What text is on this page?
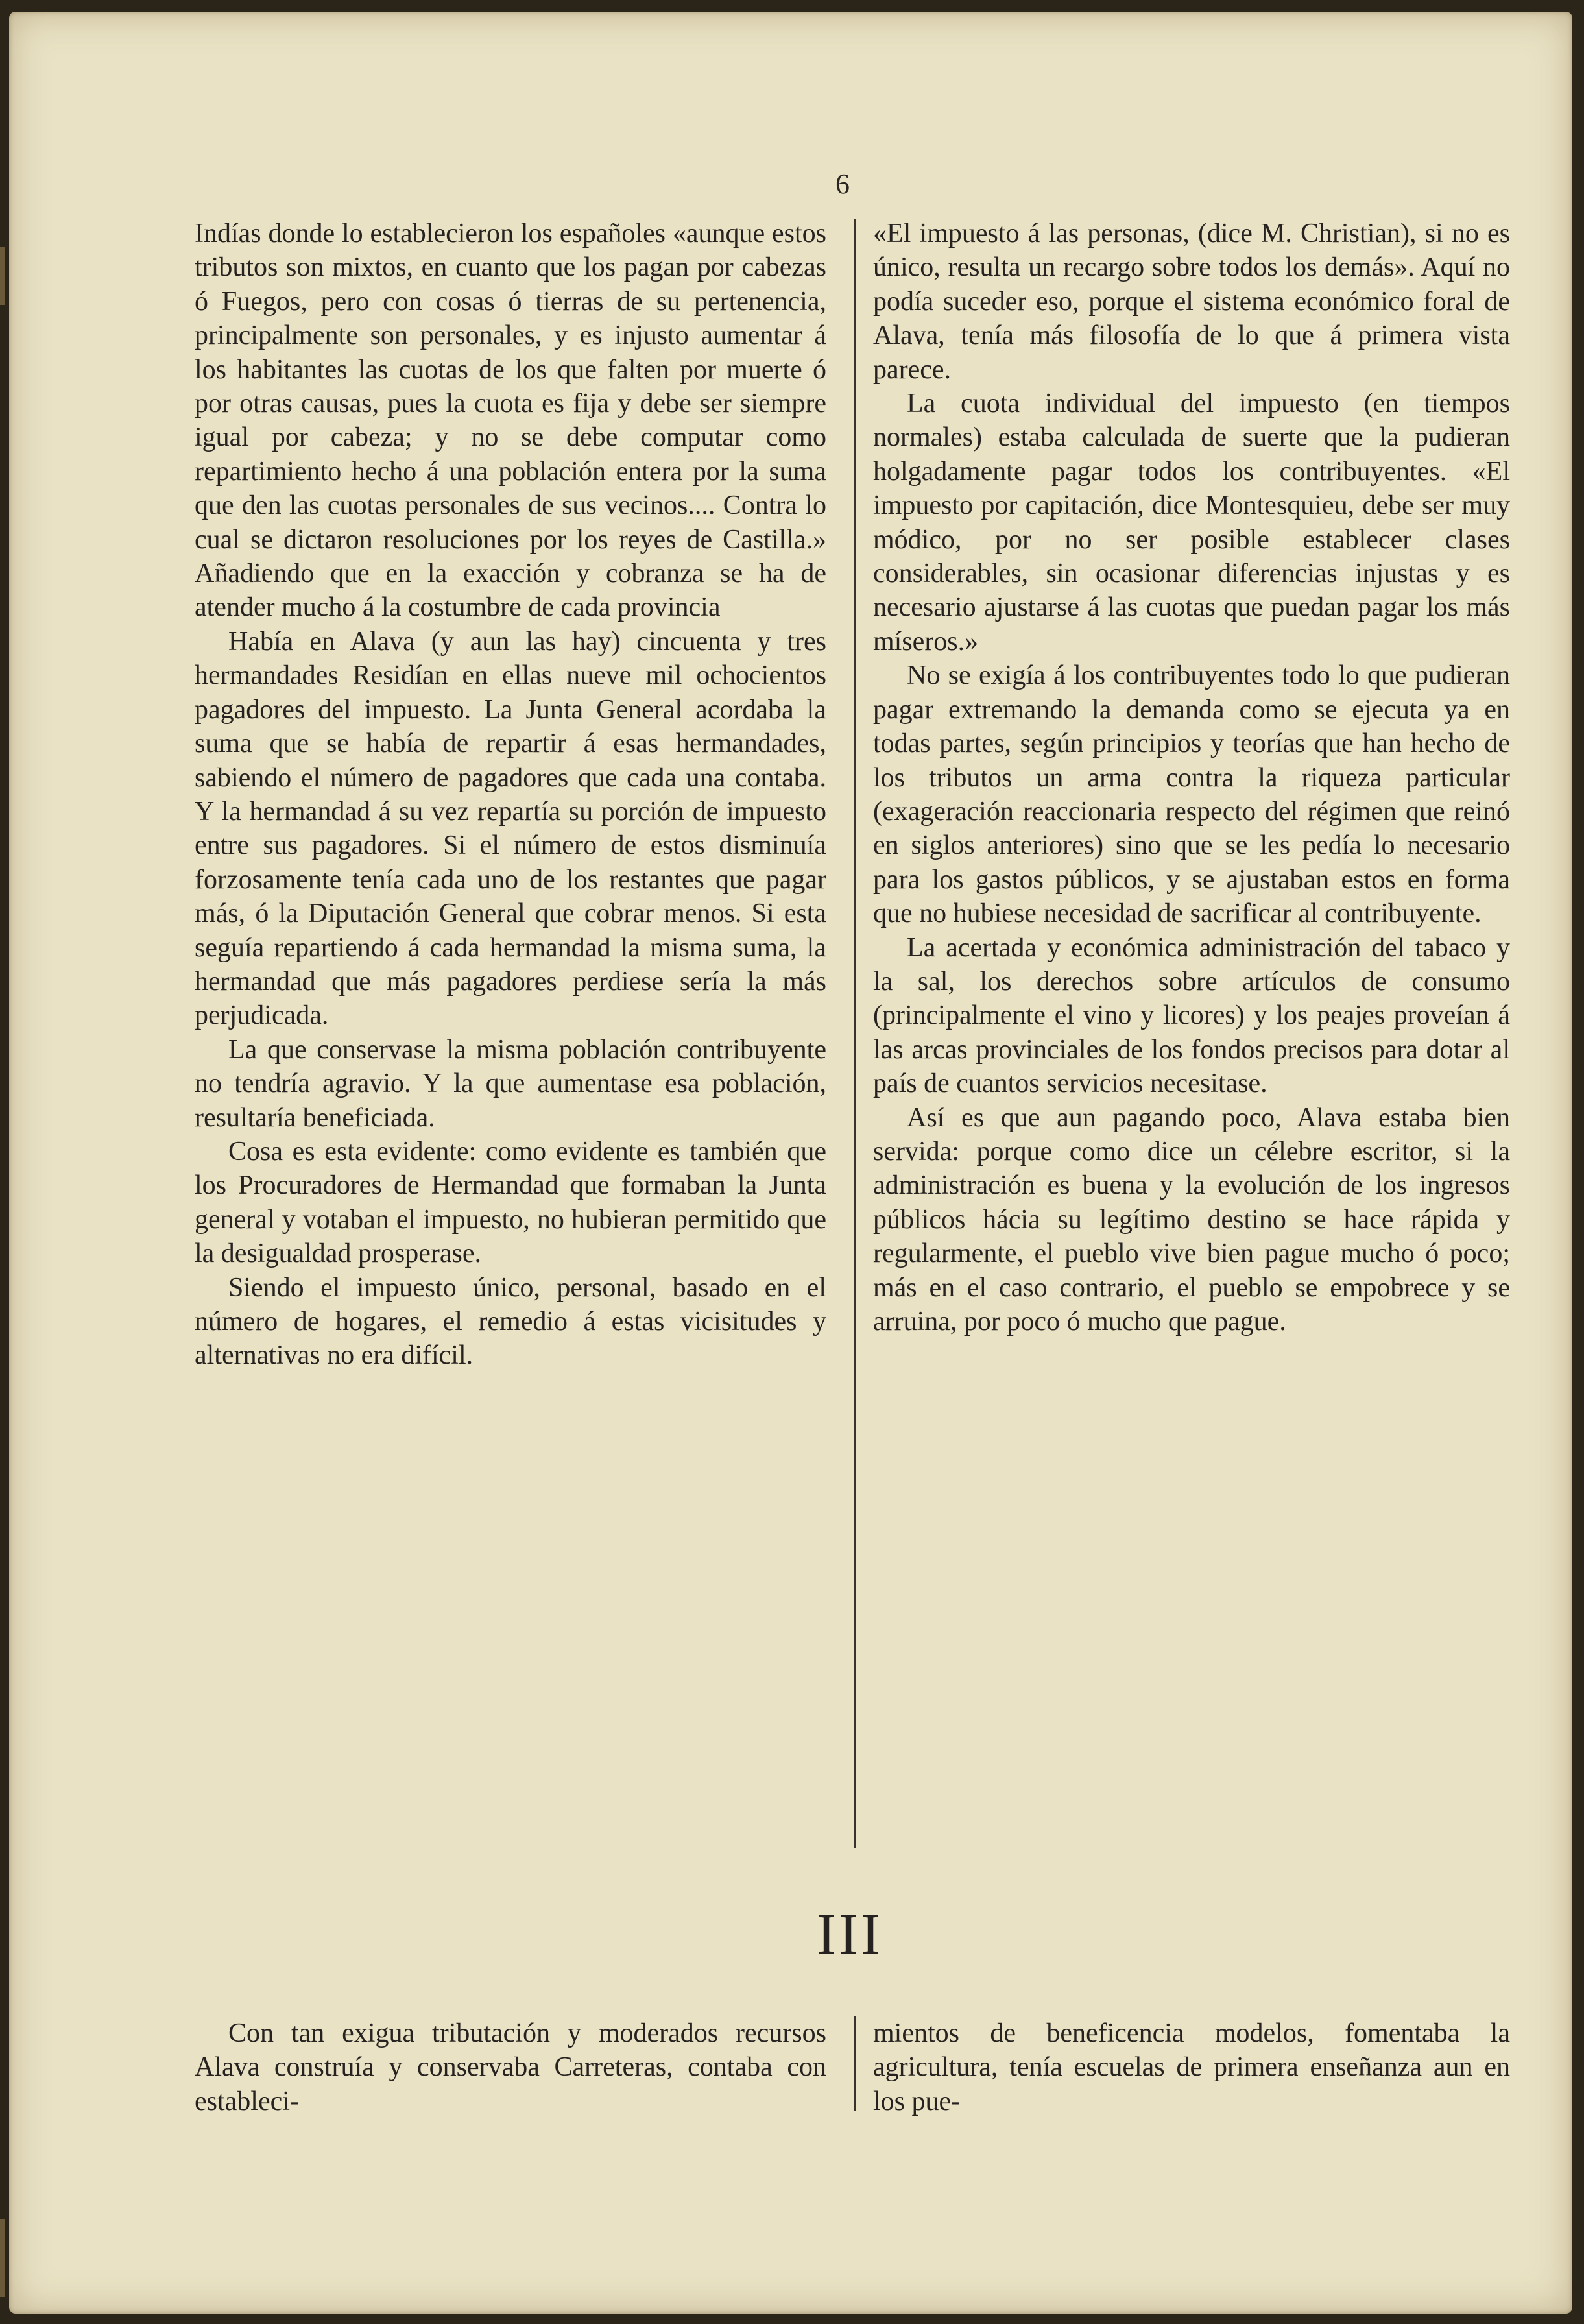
6

Indías donde lo establecieron los españoles «aunque estos tributos son mixtos, en cuanto que los pagan por cabezas ó Fuegos, pero con cosas ó tierras de su pertenencia, principalmente son personales, y es injusto aumentar á los habitantes las cuotas de los que falten por muerte ó por otras causas, pues la cuota es fija y debe ser siempre igual por cabeza; y no se debe computar como repartimiento hecho á una población entera por la suma que den las cuotas personales de sus vecinos.... Contra lo cual se dictaron resoluciones por los reyes de Castilla.» Añadiendo que en la exacción y cobranza se ha de atender mucho á la costumbre de cada provincia

Había en Alava (y aun las hay) cincuenta y tres hermandades Residían en ellas nueve mil ochocientos pagadores del impuesto. La Junta General acordaba la suma que se había de repartir á esas hermandades, sabiendo el número de pagadores que cada una contaba. Y la hermandad á su vez repartía su porción de impuesto entre sus pagadores. Si el número de estos disminuía forzosamente tenía cada uno de los restantes que pagar más, ó la Diputación General que cobrar menos. Si esta seguía repartiendo á cada hermandad la misma suma, la hermandad que más pagadores perdiese sería la más perjudicada.

La que conservase la misma población contribuyente no tendría agravio. Y la que aumentase esa población, resultaría beneficiada.

Cosa es esta evidente: como evidente es también que los Procuradores de Hermandad que formaban la Junta general y votaban el impuesto, no hubieran permitido que la desigualdad prosperase.

Siendo el impuesto único, personal, basado en el número de hogares, el remedio á estas vicisitudes y alternativas no era difícil.

«El impuesto á las personas, (dice M. Christian), si no es único, resulta un recargo sobre todos los demás». Aquí no podía suceder eso, porque el sistema económico foral de Alava, tenía más filosofía de lo que á primera vista parece.

La cuota individual del impuesto (en tiempos normales) estaba calculada de suerte que la pudieran holgadamente pagar todos los contribuyentes. «El impuesto por capitación, dice Montesquieu, debe ser muy módico, por no ser posible establecer clases considerables, sin ocasionar diferencias injustas y es necesario ajustarse á las cuotas que puedan pagar los más míseros.»

No se exigía á los contribuyentes todo lo que pudieran pagar extremando la demanda como se ejecuta ya en todas partes, según principios y teorías que han hecho de los tributos un arma contra la riqueza particular (exageración reaccionaria respecto del régimen que reinó en siglos anteriores) sino que se les pedía lo necesario para los gastos públicos, y se ajustaban estos en forma que no hubiese necesidad de sacrificar al contribuyente.

La acertada y económica administración del tabaco y la sal, los derechos sobre artículos de consumo (principalmente el vino y licores) y los peajes proveían á las arcas provinciales de los fondos precisos para dotar al país de cuantos servicios necesitase.

Así es que aun pagando poco, Alava estaba bien servida: porque como dice un célebre escritor, si la administración es buena y la evolución de los ingresos públicos hácia su legítimo destino se hace rápida y regularmente, el pueblo vive bien pague mucho ó poco; más en el caso contrario, el pueblo se empobrece y se arruina, por poco ó mucho que pague.

III

Con tan exigua tributación y moderados recursos Alava construía y conservaba Carreteras, contaba con estableci-

mientos de beneficencia modelos, fomentaba la agricultura, tenía escuelas de primera enseñanza aun en los pue-
